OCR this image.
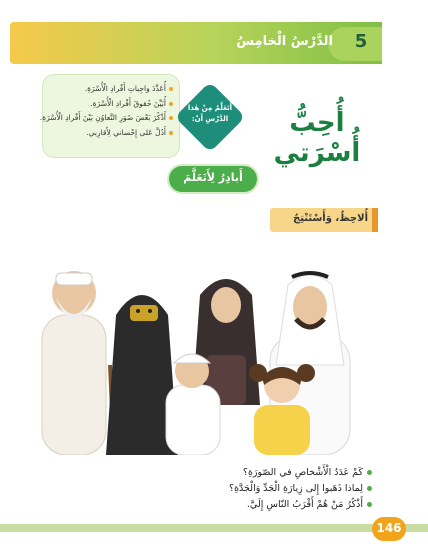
5
الدَّرْسُ الْخامِسُ
أُعَدِّدَ واجِباتِ أَفْرادِ الْأُسْرَةِ.
أُبَيِّنَ حُقوقَ أَفْرادِ الْأُسْرَةِ.
أَذْكُرَ بَعْضَ صُوَرِ التَّعاوُنِ بَيْنَ أَفْرادِ الْأُسْرَةِ.
أَدُلَّ عَلى إِحْساني لِأَقارِبي.
أَتَعَلَّمُ مِنْ هٰذا الدَّرْسِ أَنْ:	أُحِبُّ أُسْرَتي
أَبادِرُ لِأَتَعَلَّمَ
أُلاحِظُ، وَأَسْتَنْتِجُ
كَمْ عَدَدُ الْأَشْخاصِ في الصّورَةِ؟
لِماذا ذَهَبوا إِلى زِيارَةِ الْجَدِّ وَالْجَدَّةِ؟
أَذْكُرُ مَنْ هُمْ أَقْرَبُ النّاسِ إِلَيَّ.
146
